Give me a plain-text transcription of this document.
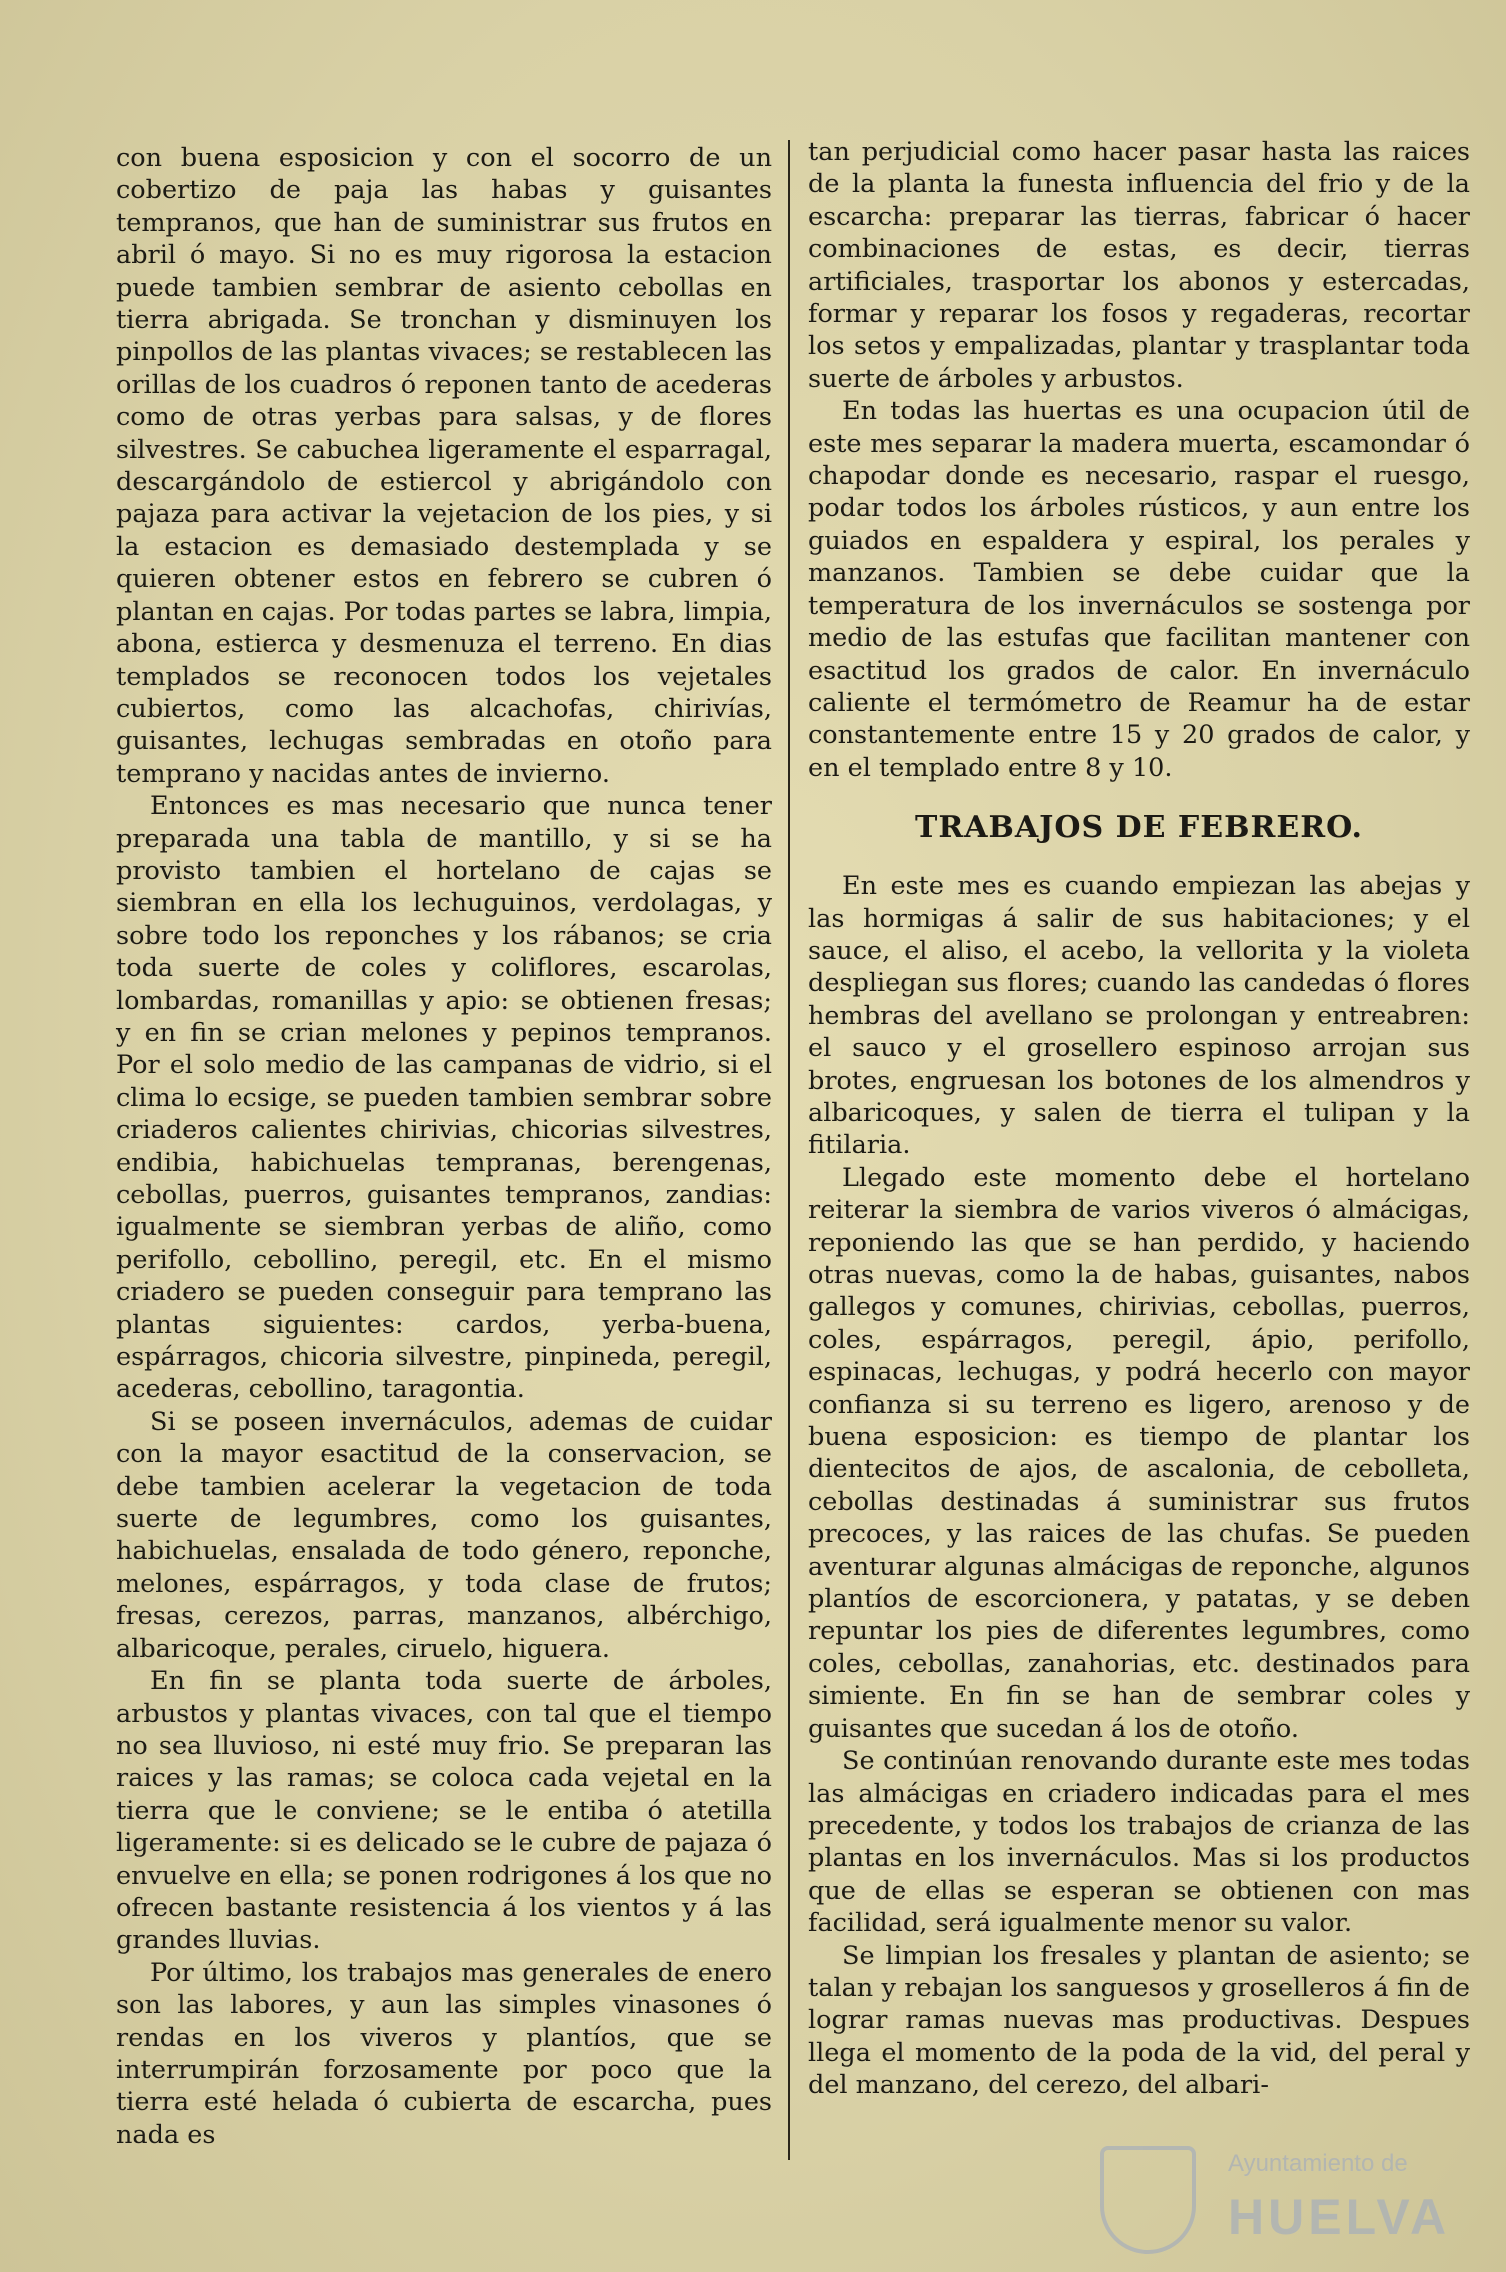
con buena esposicion y con el socorro de un cobertizo de paja las habas y guisantes tempranos, que han de suministrar sus frutos en abril ó mayo. Si no es muy rigorosa la estacion puede tambien sembrar de asiento cebollas en tierra abrigada. Se tronchan y disminuyen los pinpollos de las plantas vivaces; se restablecen las orillas de los cuadros ó reponen tanto de acederas como de otras yerbas para salsas, y de flores silvestres. Se cabuchea ligeramente el esparragal, descargándolo de estiercol y abrigándolo con pajaza para activar la vejetacion de los pies, y si la estacion es demasiado destemplada y se quieren obtener estos en febrero se cubren ó plantan en cajas. Por todas partes se labra, limpia, abona, estierca y desmenuza el terreno. En dias templados se reconocen todos los vejetales cubiertos, como las alcachofas, chirivías, guisantes, lechugas sembradas en otoño para temprano y nacidas antes de invierno.

Entonces es mas necesario que nunca tener preparada una tabla de mantillo, y si se ha provisto tambien el hortelano de cajas se siembran en ella los lechuguinos, verdolagas, y sobre todo los reponches y los rábanos; se cria toda suerte de coles y coliflores, escarolas, lombardas, romanillas y apio: se obtienen fresas; y en fin se crian melones y pepinos tempranos. Por el solo medio de las campanas de vidrio, si el clima lo ecsige, se pueden tambien sembrar sobre criaderos calientes chirivias, chicorias silvestres, endibia, habichuelas tempranas, berengenas, cebollas, puerros, guisantes tempranos, zandias: igualmente se siembran yerbas de aliño, como perifollo, cebollino, peregil, etc. En el mismo criadero se pueden conseguir para temprano las plantas siguientes: cardos, yerba-buena, espárragos, chicoria silvestre, pinpineda, peregil, acederas, cebollino, taragontia.

Si se poseen invernáculos, ademas de cuidar con la mayor esactitud de la conservacion, se debe tambien acelerar la vegetacion de toda suerte de legumbres, como los guisantes, habichuelas, ensalada de todo género, reponche, melones, espárragos, y toda clase de frutos; fresas, cerezos, parras, manzanos, albérchigo, albaricoque, perales, ciruelo, higuera.

En fin se planta toda suerte de árboles, arbustos y plantas vivaces, con tal que el tiempo no sea lluvioso, ni esté muy frio. Se preparan las raices y las ramas; se coloca cada vejetal en la tierra que le conviene; se le entiba ó atetilla ligeramente: si es delicado se le cubre de pajaza ó envuelve en ella; se ponen rodrigones á los que no ofrecen bastante resistencia á los vientos y á las grandes lluvias.

Por último, los trabajos mas generales de enero son las labores, y aun las simples vinasones ó rendas en los viveros y plantíos, que se interrumpirán forzosamente por poco que la tierra esté helada ó cubierta de escarcha, pues nada es

tan perjudicial como hacer pasar hasta las raices de la planta la funesta influencia del frio y de la escarcha: preparar las tierras, fabricar ó hacer combinaciones de estas, es decir, tierras artificiales, trasportar los abonos y estercadas, formar y reparar los fosos y regaderas, recortar los setos y empalizadas, plantar y trasplantar toda suerte de árboles y arbustos.

En todas las huertas es una ocupacion útil de este mes separar la madera muerta, escamondar ó chapodar donde es necesario, raspar el ruesgo, podar todos los árboles rústicos, y aun entre los guiados en espaldera y espiral, los perales y manzanos. Tambien se debe cuidar que la temperatura de los invernáculos se sostenga por medio de las estufas que facilitan mantener con esactitud los grados de calor. En invernáculo caliente el termómetro de Reamur ha de estar constantemente entre 15 y 20 grados de calor, y en el templado entre 8 y 10.

TRABAJOS DE FEBRERO.

En este mes es cuando empiezan las abejas y las hormigas á salir de sus habitaciones; y el sauce, el aliso, el acebo, la vellorita y la violeta despliegan sus flores; cuando las candedas ó flores hembras del avellano se prolongan y entreabren: el sauco y el grosellero espinoso arrojan sus brotes, engruesan los botones de los almendros y albaricoques, y salen de tierra el tulipan y la fitilaria.

Llegado este momento debe el hortelano reiterar la siembra de varios viveros ó almácigas, reponiendo las que se han perdido, y haciendo otras nuevas, como la de habas, guisantes, nabos gallegos y comunes, chirivias, cebollas, puerros, coles, espárragos, peregil, ápio, perifollo, espinacas, lechugas, y podrá hecerlo con mayor confianza si su terreno es ligero, arenoso y de buena esposicion: es tiempo de plantar los dientecitos de ajos, de ascalonia, de cebolleta, cebollas destinadas á suministrar sus frutos precoces, y las raices de las chufas. Se pueden aventurar algunas almácigas de reponche, algunos plantíos de escorcionera, y patatas, y se deben repuntar los pies de diferentes legumbres, como coles, cebollas, zanahorias, etc. destinados para simiente. En fin se han de sembrar coles y guisantes que sucedan á los de otoño.

Se continúan renovando durante este mes todas las almácigas en criadero indicadas para el mes precedente, y todos los trabajos de crianza de las plantas en los invernáculos. Mas si los productos que de ellas se esperan se obtienen con mas facilidad, será igualmente menor su valor.

Se limpian los fresales y plantan de asiento; se talan y rebajan los sanguesos y groselleros á fin de lograr ramas nuevas mas productivas. Despues llega el momento de la poda de la vid, del peral y del manzano, del cerezo, del albari-

Ayuntamiento de
HUELVA
